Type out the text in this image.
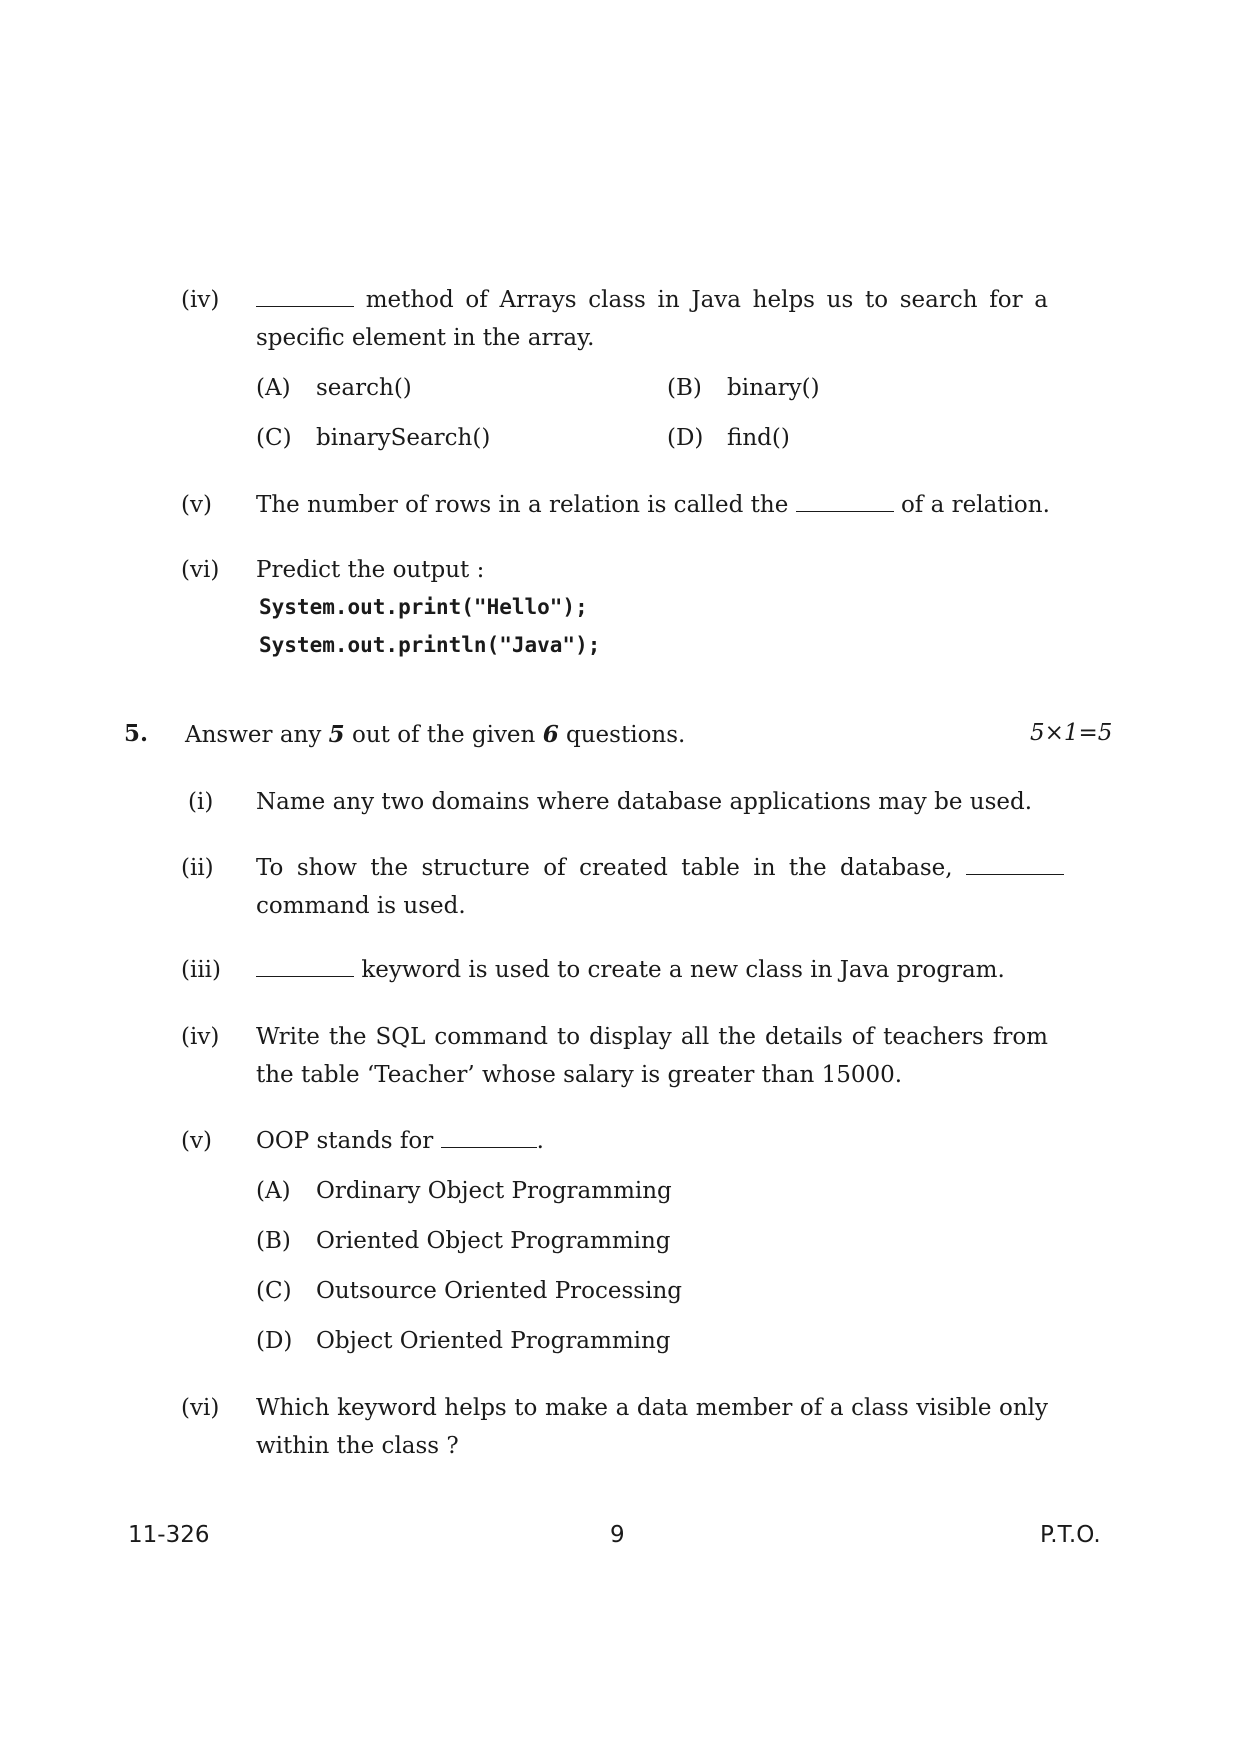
(iv)	method of Arrays class in Java helps us to search for a
specific element in the array.
(A) search()	(B) binary()
(C) binarySearch()	(D) find()
(v) The number of rows in a relation is called the	of a relation.
(vi) Predict the output :
System.out.print("Hello");
System.out.println("Java");
5. Answer any 5 out of the given 6 questions.	5×1=5
(i) Name any two domains where database applications may be used.
(ii) To show the structure of created table in the database,
command is used.
(iii)	keyword is used to create a new class in Java program.
(iv) Write the SQL command to display all the details of teachers from
the table ‘Teacher’ whose salary is greater than 15000.
(v) OOP stands for	.
(A) Ordinary Object Programming
(B) Oriented Object Programming
(C) Outsource Oriented Processing
(D) Object Oriented Programming
(vi) Which keyword helps to make a data member of a class visible only
within the class ?
11-326	9	P.T.O.
